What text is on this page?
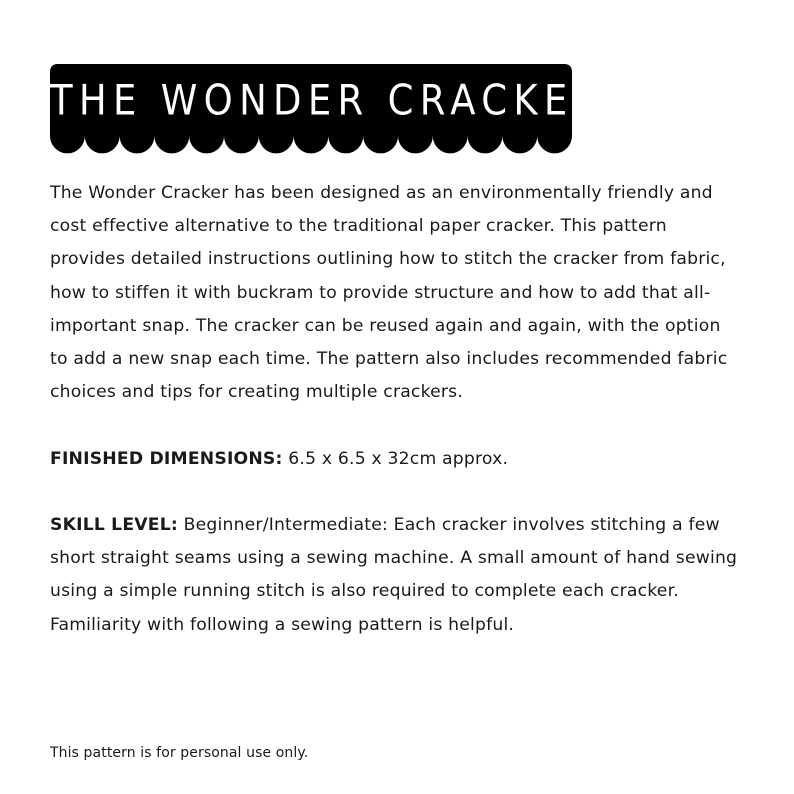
THE WONDER CRACKER

The Wonder Cracker has been designed as an environmentally friendly and cost effective alternative to the traditional paper cracker. This pattern provides detailed instructions outlining how to stitch the cracker from fabric, how to stiffen it with buckram to provide structure and how to add that all-important snap. The cracker can be reused again and again, with the option to add a new snap each time. The pattern also includes recommended fabric choices and tips for creating multiple crackers.

FINISHED DIMENSIONS: 6.5 x 6.5 x 32cm approx.

SKILL LEVEL: Beginner/Intermediate: Each cracker involves stitching a few short straight seams using a sewing machine. A small amount of hand sewing using a simple running stitch is also required to complete each cracker. Familiarity with following a sewing pattern is helpful.

This pattern is for personal use only.
